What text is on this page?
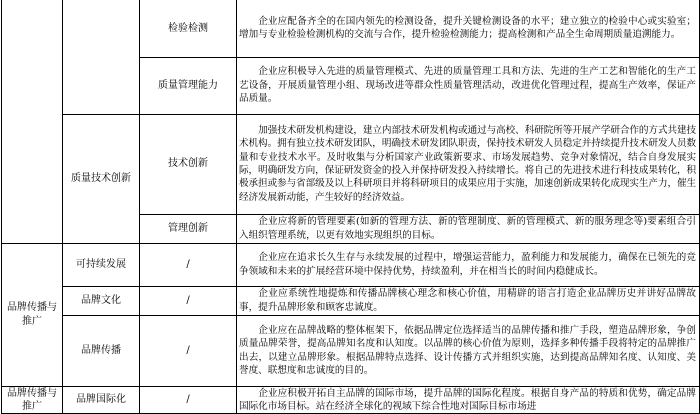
		检验检测	企业应配备齐全的在国内领先的检测设备，提升关键检测设备的水平；建立独立的检验中心或实验室；增加与专业检验检测机构的交流与合作，提升检验检测能力；提高检测和产品全生命周期质量追溯能力。
		质量管理能力	企业应积极导入先进的质量管理模式、先进的质量管理工具和方法、先进的生产工艺和智能化的生产工艺设备，开展质量管理小组、现场改进等群众性质量管理活动，改进优化管理过程，提高生产效率，保证产品质量。
	质量技术创新	技术创新	加强技术研发机构建设，建立内部技术研发机构或通过与高校、科研院所等开展产学研合作的方式共建技术机构。拥有独立技术研发团队，明确技术研发团队职责，保持技术研发人员稳定并持续提升技术研发人员数量和专业技术水平。及时收集与分析国家产业政策新要求、市场发展趋势、竞争对象情况，结合自身发展实际，明确研发方向，保证研发资金的投入并保持研发投入持续增长。将自己的先进技术进行科技成果转化，积极承担或参与省部级及以上科研项目并将科研项目的成果应用于实施，加速创新成果转化成现实生产力，催生经济发展新动能，产生较好的经济效益。
		管理创新	企业应将新的管理要素(如新的管理方法、新的管理制度、新的管理模式、新的服务理念等)要素组合引入组织管理系统，以更有效地实现组织的目标。
品牌传播与推广	可持续发展	/	企业应在追求长久生存与永续发展的过程中，增强运营能力，盈利能力和发展能力，确保在已领先的竞争领域和未来的扩展经营环境中保持优势，持续盈利，并在相当长的时间内稳健成长。
	品牌文化	/	企业应系统性地提炼和传播品牌核心理念和核心价值，用精辟的语言打造企业品牌历史并讲好品牌故事，提升品牌形象和顾客忠诚度。
	品牌传播	/	企业应在品牌战略的整体框架下，依据品牌定位选择适当的品牌传播和推广手段，塑造品牌形象，争创质量品牌荣誉，提高品牌知名度和认知度。以品牌的核心价值为原则，选择多种传播手段将特定的品牌推广出去，以建立品牌形象。根据品牌特点选择、设计传播方式并组织实施，达到提高品牌知名度、认知度、美誉度、联想度和忠诚度的目的。
品牌传播与推广	品牌国际化	/	企业应积极开拓自主品牌的国际市场，提升品牌的国际化程度。根据自身产品的特质和优势，确定品牌国际化市场目标。站在经济全球化的视域下综合性地对国际目标市场进
